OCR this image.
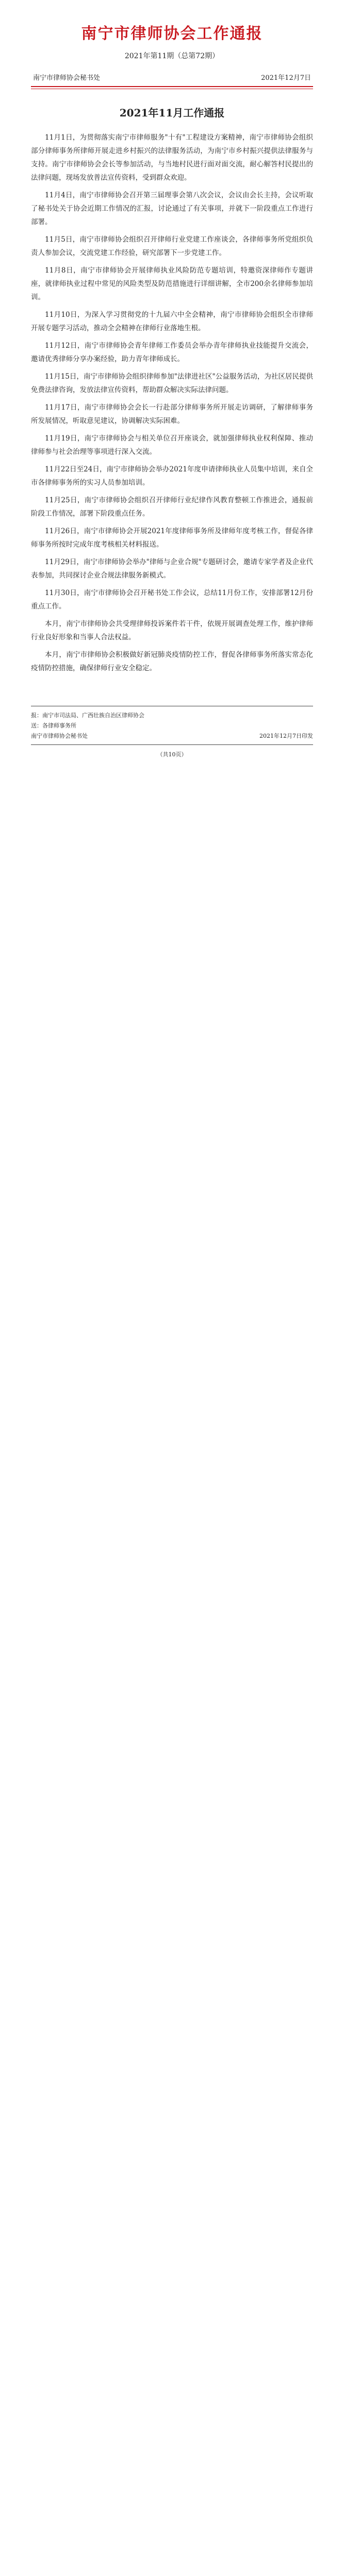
南宁市律师协会工作通报
2021年第11期（总第72期）
南宁市律师协会秘书处	2021年12月7日
2021年11月工作通报

11月1日，为贯彻落实南宁市律师服务"十有"工程建设方案精神，南宁市律师协会组织部分律师事务所律师开展走进乡村振兴的法律服务活动，为南宁市乡村振兴提供法律服务与支持。南宁市律师协会会长等参加活动，与当地村民进行面对面交流，耐心解答村民提出的法律问题，现场发放普法宣传资料，受到群众欢迎。

11月4日，南宁市律师协会召开第三届理事会第八次会议，会议由会长主持，会议听取了秘书处关于协会近期工作情况的汇报，讨论通过了有关事项，并就下一阶段重点工作进行部署。

11月5日，南宁市律师协会组织召开律师行业党建工作座谈会，各律师事务所党组织负责人参加会议，交流党建工作经验，研究部署下一步党建工作。

11月8日，南宁市律师协会开展律师执业风险防范专题培训，特邀资深律师作专题讲座，就律师执业过程中常见的风险类型及防范措施进行详细讲解，全市200余名律师参加培训。

11月10日，为深入学习贯彻党的十九届六中全会精神，南宁市律师协会组织全市律师开展专题学习活动，推动全会精神在律师行业落地生根。

11月12日，南宁市律师协会青年律师工作委员会举办青年律师执业技能提升交流会，邀请优秀律师分享办案经验，助力青年律师成长。

11月15日，南宁市律师协会组织律师参加"法律进社区"公益服务活动，为社区居民提供免费法律咨询，发放法律宣传资料，帮助群众解决实际法律问题。

11月17日，南宁市律师协会会长一行赴部分律师事务所开展走访调研，了解律师事务所发展情况，听取意见建议，协调解决实际困难。

11月19日，南宁市律师协会与相关单位召开座谈会，就加强律师执业权利保障、推动律师参与社会治理等事项进行深入交流。

11月22日至24日，南宁市律师协会举办2021年度申请律师执业人员集中培训，来自全市各律师事务所的实习人员参加培训。

11月25日，南宁市律师协会组织召开律师行业纪律作风教育整顿工作推进会，通报前阶段工作情况，部署下阶段重点任务。

11月26日，南宁市律师协会开展2021年度律师事务所及律师年度考核工作，督促各律师事务所按时完成年度考核相关材料报送。

11月29日，南宁市律师协会举办"律师与企业合规"专题研讨会，邀请专家学者及企业代表参加，共同探讨企业合规法律服务新模式。

11月30日，南宁市律师协会召开秘书处工作会议，总结11月份工作，安排部署12月份重点工作。

本月，南宁市律师协会共受理律师投诉案件若干件，依规开展调查处理工作，维护律师行业良好形象和当事人合法权益。

本月，南宁市律师协会积极做好新冠肺炎疫情防控工作，督促各律师事务所落实常态化疫情防控措施，确保律师行业安全稳定。

报：南宁市司法局、广西壮族自治区律师协会
送：各律师事务所
南宁市律师协会秘书处	2021年12月7日印发
（共10页）
